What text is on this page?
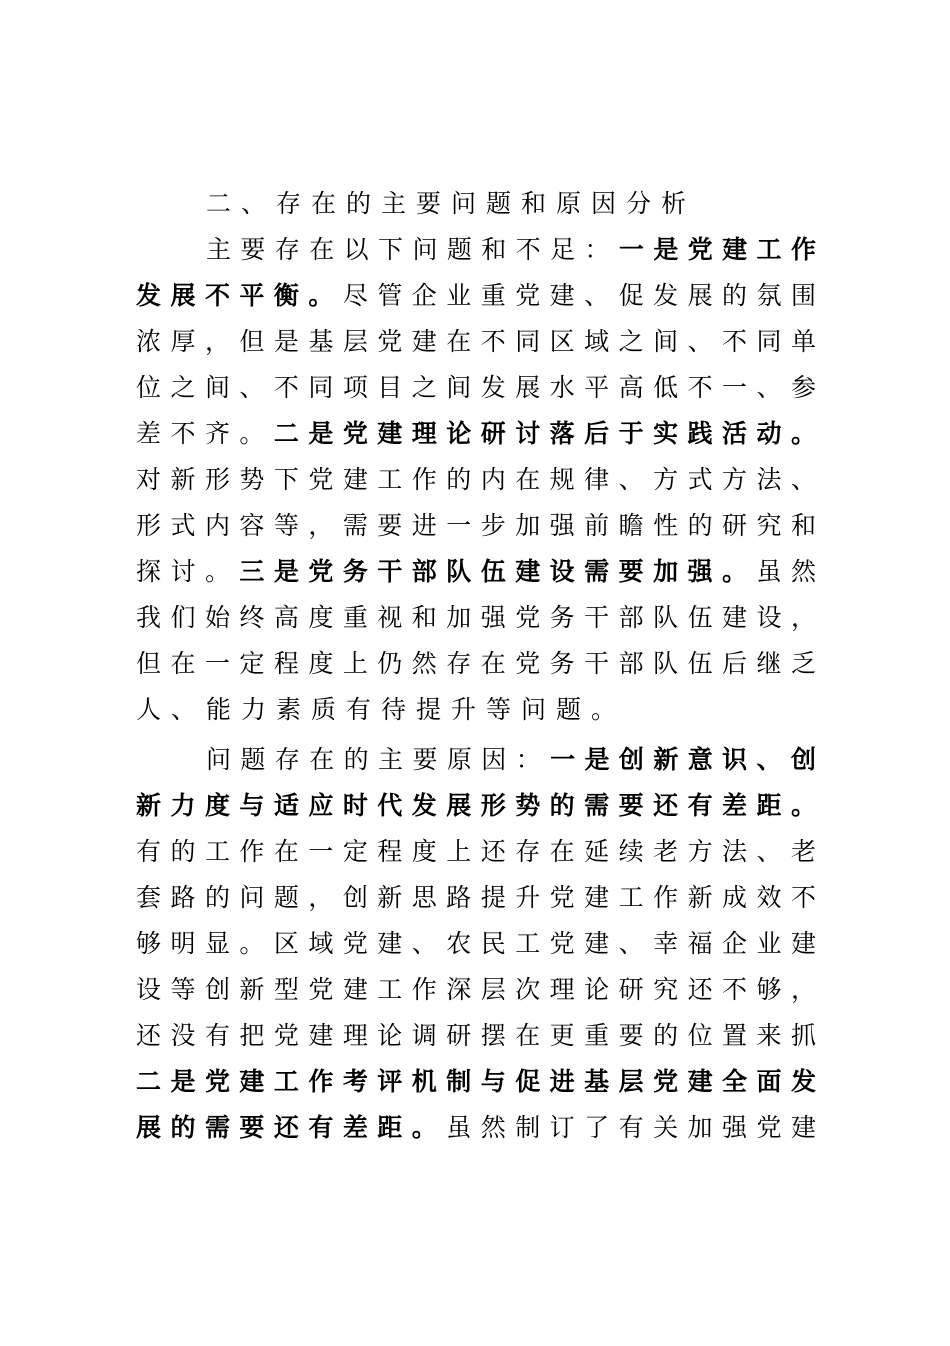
二、存在的主要问题和原因分析
主要存在以下问题和不足：一是党建工作
发展不平衡。尽管企业重党建、促发展的氛围
浓厚，但是基层党建在不同区域之间、不同单
位之间、不同项目之间发展水平高低不一、参
差不齐。二是党建理论研讨落后于实践活动。
对新形势下党建工作的内在规律、方式方法、
形式内容等，需要进一步加强前瞻性的研究和
探讨。三是党务干部队伍建设需要加强。虽然
我们始终高度重视和加强党务干部队伍建设，
但在一定程度上仍然存在党务干部队伍后继乏
人、能力素质有待提升等问题。
问题存在的主要原因：一是创新意识、创
新力度与适应时代发展形势的需要还有差距。
有的工作在一定程度上还存在延续老方法、老
套路的问题，创新思路提升党建工作新成效不
够明显。区域党建、农民工党建、幸福企业建
设等创新型党建工作深层次理论研究还不够，
还没有把党建理论调研摆在更重要的位置来抓
二是党建工作考评机制与促进基层党建全面发
展的需要还有差距。虽然制订了有关加强党建
